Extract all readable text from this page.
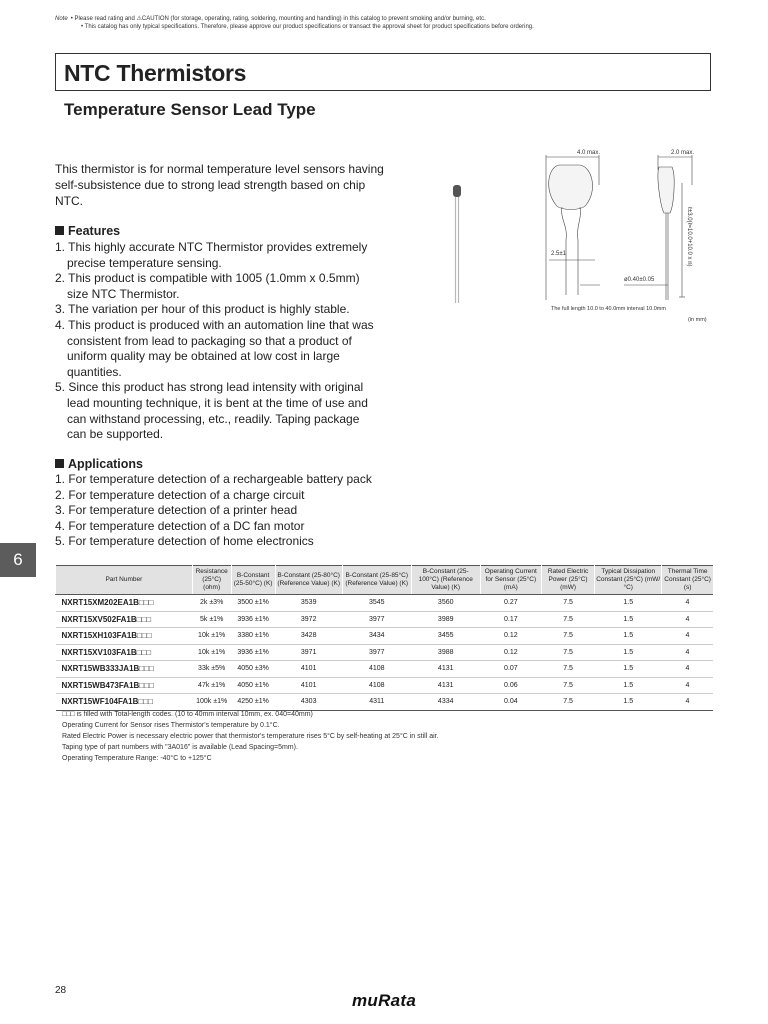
Note • Please read rating and ⚠CAUTION (for storage, operating, rating, soldering, mounting and handling) in this catalog to prevent smoking and/or burning, etc.
• This catalog has only typical specifications. Therefore, please approve our product specifications or transact the approval sheet for product specifications before ordering.
NTC Thermistors
Temperature Sensor Lead Type

This thermistor is for normal temperature level sensors having self-subsistence due to strong lead strength based on chip NTC.

Features
1. This highly accurate NTC Thermistor provides extremely precise temperature sensing.
2. This product is compatible with 1005 (1.0mm x 0.5mm) size NTC Thermistor.
3. The variation per hour of this product is highly stable.
4. This product is produced with an automation line that was consistent from lead to packaging so that a product of uniform quality may be obtained at low cost in large quantities.
5. Since this product has strong lead intensity with original lead mounting technique, it is bent at the time of use and can withstand processing, etc., readily. Taping package can be supported.
Applications
1. For temperature detection of a rechargeable battery pack
2. For temperature detection of a charge circuit
3. For temperature detection of a printer head
4. For temperature detection of a DC fan motor
5. For temperature detection of home electronics
6
4.0 max.
2.5±1
2.0 max.
ø0.40±0.05
ℓ±3.0(ℓ=10.0+10.0 x n)
The full length 10.0 to 40.0mm interval 10.0mm
(in mm)
Part Number	Resistance (25°C) (ohm)	B-Constant (25-50°C) (K)	B-Constant (25-80°C) (Reference Value) (K)	B-Constant (25-85°C) (Reference Value) (K)	B-Constant (25-100°C) (Reference Value) (K)	Operating Current for Sensor (25°C) (mA)	Rated Electric Power (25°C) (mW)	Typical Dissipation Constant (25°C) (mW/°C)	Thermal Time Constant (25°C) (s)
NXRT15XM202EA1B□□□	2k ±3%	3500 ±1%	3539	3545	3560	0.27	7.5	1.5	4
NXRT15XV502FA1B□□□	5k ±1%	3936 ±1%	3972	3977	3989	0.17	7.5	1.5	4
NXRT15XH103FA1B□□□	10k ±1%	3380 ±1%	3428	3434	3455	0.12	7.5	1.5	4
NXRT15XV103FA1B□□□	10k ±1%	3936 ±1%	3971	3977	3988	0.12	7.5	1.5	4
NXRT15WB333JA1B□□□	33k ±5%	4050 ±3%	4101	4108	4131	0.07	7.5	1.5	4
NXRT15WB473FA1B□□□	47k ±1%	4050 ±1%	4101	4108	4131	0.06	7.5	1.5	4
NXRT15WF104FA1B□□□	100k ±1%	4250 ±1%	4303	4311	4334	0.04	7.5	1.5	4
□□□ is filled with Total-length codes. (10 to 40mm interval 10mm, ex. 040=40mm)
Operating Current for Sensor rises Thermistor's temperature by 0.1°C.
Rated Electric Power is necessary electric power that thermistor's temperature rises 5°C by self-heating at 25°C in still air.
Taping type of part numbers with "3A016" is available (Lead Spacing=5mm).
Operating Temperature Range: -40°C to +125°C
28
muRata
